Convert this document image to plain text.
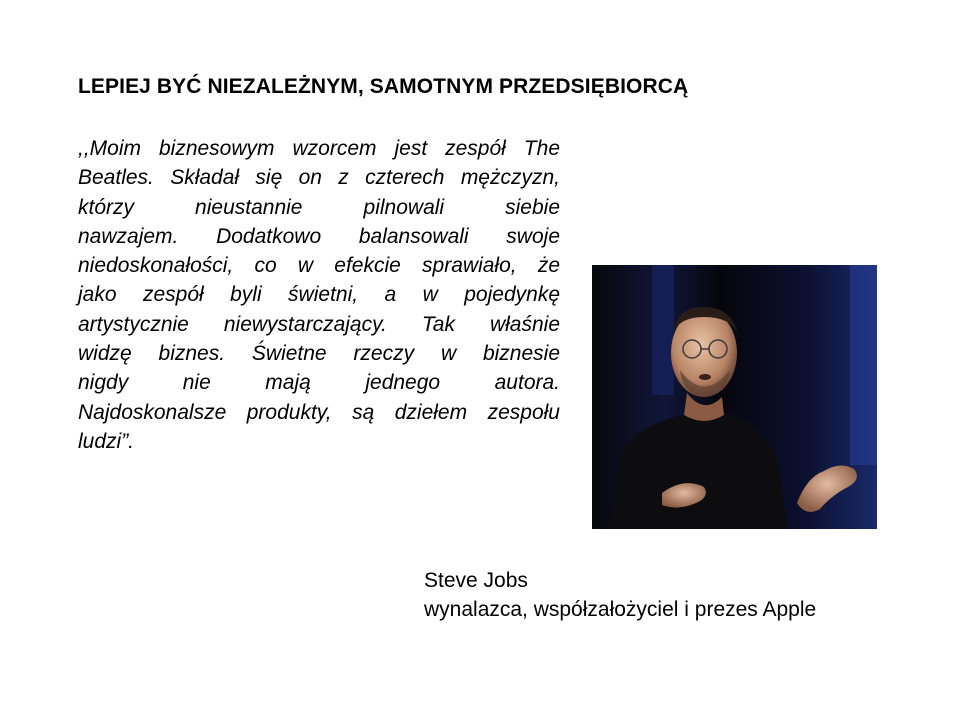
LEPIEJ BYĆ NIEZALEŻNYM, SAMOTNYM PRZEDSIĘBIORCĄ
,,Moim biznesowym wzorcem jest zespół The
Beatles. Składał się on z czterech mężczyzn,
którzy nieustannie pilnowali siebie
nawzajem. Dodatkowo balansowali swoje
niedoskonałości, co w efekcie sprawiało, że
jako zespół byli świetni, a w pojedynkę
artystycznie niewystarczający. Tak właśnie
widzę biznes. Świetne rzeczy w biznesie
nigdy nie mają jednego autora.
Najdoskonalsze produkty, są dziełem zespołu
ludzi”.
Steve Jobs
wynalazca, współzałożyciel i prezes Apple
